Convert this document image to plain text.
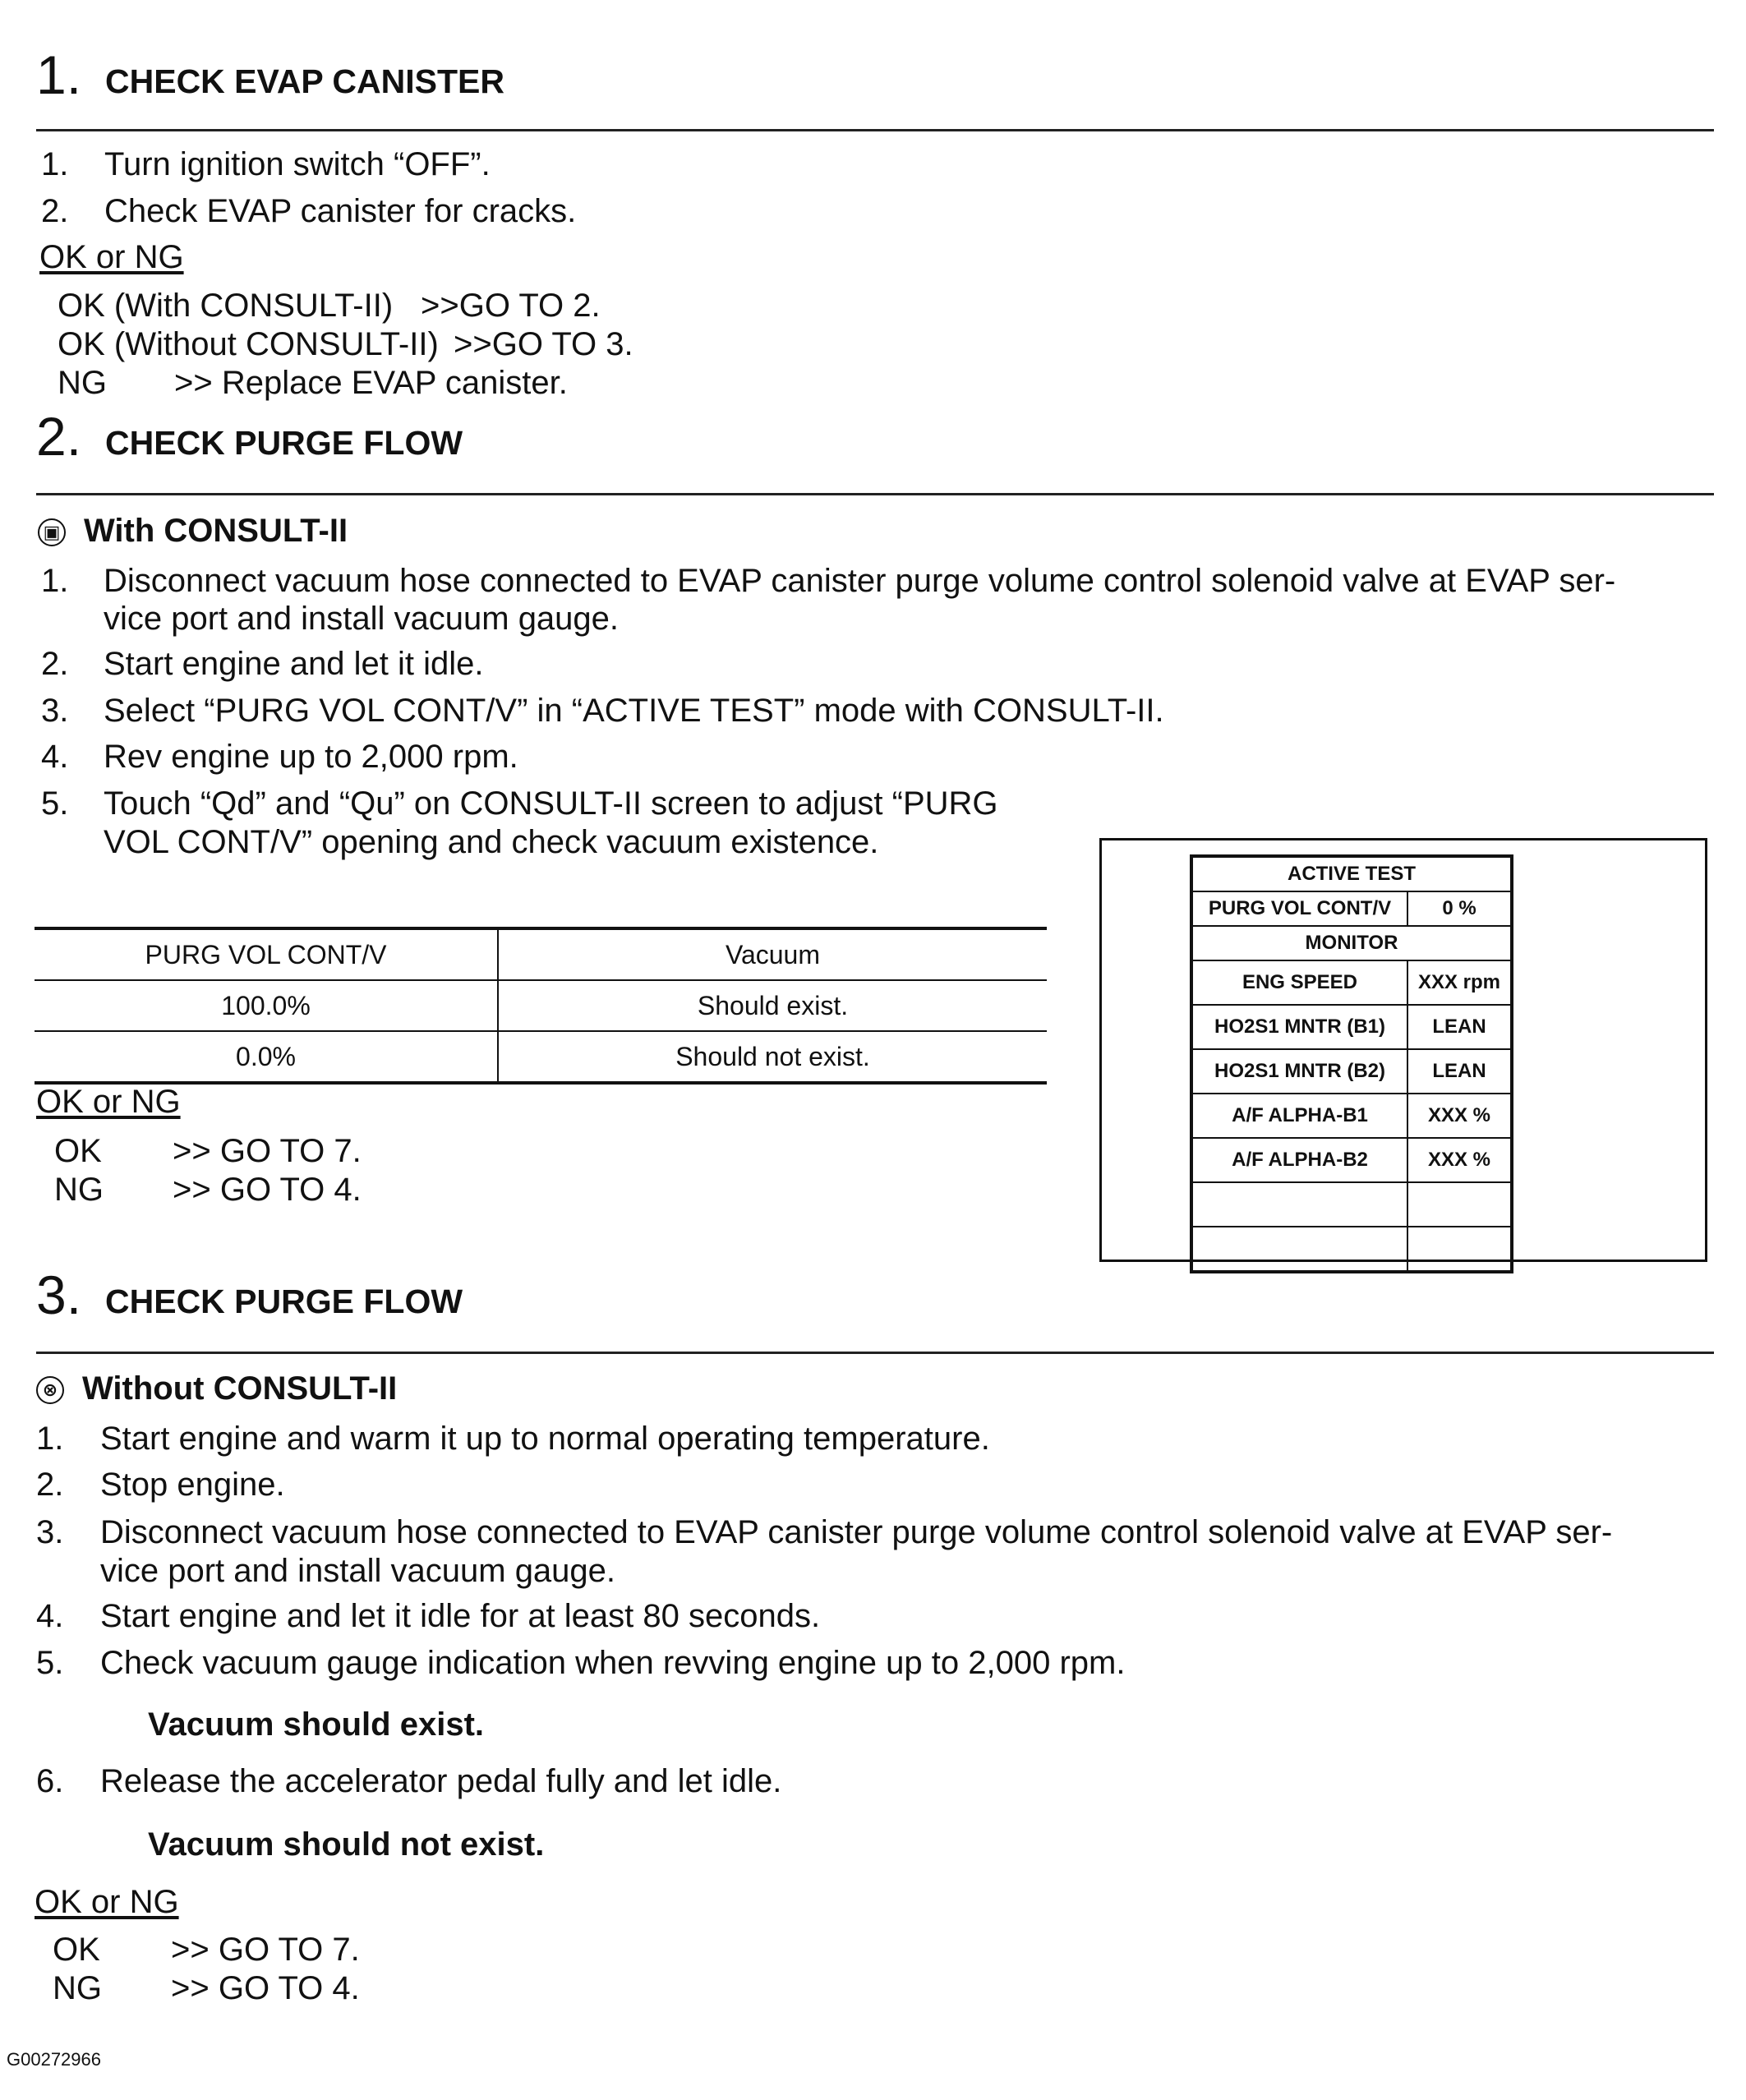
1. CHECK EVAP CANISTER
1. Turn ignition switch “OFF”.
2. Check EVAP canister for cracks.
OK or NG
OK (With CONSULT-II) >>GO TO 2.
OK (Without CONSULT-II) >>GO TO 3.
NG >> Replace EVAP canister.
2. CHECK PURGE FLOW
▣ With CONSULT-II
1. Disconnect vacuum hose connected to EVAP canister purge volume control solenoid valve at EVAP ser-
vice port and install vacuum gauge.
2. Start engine and let it idle.
3. Select “PURG VOL CONT/V” in “ACTIVE TEST” mode with CONSULT-II.
4. Rev engine up to 2,000 rpm.
5. Touch “Qd” and “Qu” on CONSULT-II screen to adjust “PURG
VOL CONT/V” opening and check vacuum existence.
PURG VOL CONT/V	Vacuum
100.0%	Should exist.
0.0%	Should not exist.
OK or NG
OK >> GO TO 7.
NG >> GO TO 4.
ACTIVE TEST	
PURG VOL CONT/V	0 %
MONITOR	
ENG SPEED	XXX rpm
HO2S1 MNTR (B1)	LEAN
HO2S1 MNTR (B2)	LEAN
A/F ALPHA-B1	XXX %
A/F ALPHA-B2	XXX %

3. CHECK PURGE FLOW
⊗ Without CONSULT-II
1. Start engine and warm it up to normal operating temperature.
2. Stop engine.
3. Disconnect vacuum hose connected to EVAP canister purge volume control solenoid valve at EVAP ser-
vice port and install vacuum gauge.
4. Start engine and let it idle for at least 80 seconds.
5. Check vacuum gauge indication when revving engine up to 2,000 rpm.
Vacuum should exist.
6. Release the accelerator pedal fully and let idle.
Vacuum should not exist.
OK or NG
OK >> GO TO 7.
NG >> GO TO 4.
G00272966
